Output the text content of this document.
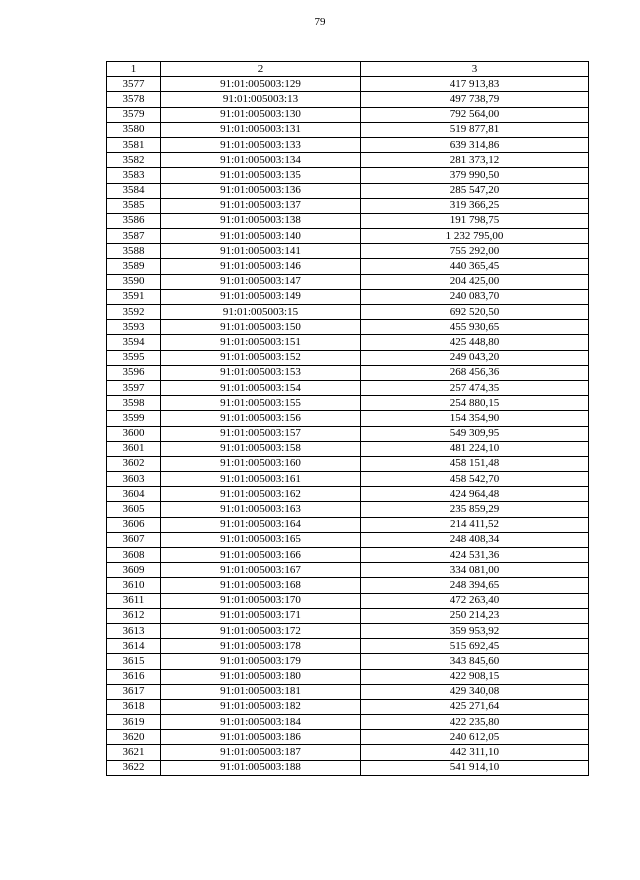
79
1	2	3
3577	91:01:005003:129	417 913,83
3578	91:01:005003:13	497 738,79
3579	91:01:005003:130	792 564,00
3580	91:01:005003:131	519 877,81
3581	91:01:005003:133	639 314,86
3582	91:01:005003:134	281 373,12
3583	91:01:005003:135	379 990,50
3584	91:01:005003:136	285 547,20
3585	91:01:005003:137	319 366,25
3586	91:01:005003:138	191 798,75
3587	91:01:005003:140	1 232 795,00
3588	91:01:005003:141	755 292,00
3589	91:01:005003:146	440 365,45
3590	91:01:005003:147	204 425,00
3591	91:01:005003:149	240 083,70
3592	91:01:005003:15	692 520,50
3593	91:01:005003:150	455 930,65
3594	91:01:005003:151	425 448,80
3595	91:01:005003:152	249 043,20
3596	91:01:005003:153	268 456,36
3597	91:01:005003:154	257 474,35
3598	91:01:005003:155	254 880,15
3599	91:01:005003:156	154 354,90
3600	91:01:005003:157	549 309,95
3601	91:01:005003:158	481 224,10
3602	91:01:005003:160	458 151,48
3603	91:01:005003:161	458 542,70
3604	91:01:005003:162	424 964,48
3605	91:01:005003:163	235 859,29
3606	91:01:005003:164	214 411,52
3607	91:01:005003:165	248 408,34
3608	91:01:005003:166	424 531,36
3609	91:01:005003:167	334 081,00
3610	91:01:005003:168	248 394,65
3611	91:01:005003:170	472 263,40
3612	91:01:005003:171	250 214,23
3613	91:01:005003:172	359 953,92
3614	91:01:005003:178	515 692,45
3615	91:01:005003:179	343 845,60
3616	91:01:005003:180	422 908,15
3617	91:01:005003:181	429 340,08
3618	91:01:005003:182	425 271,64
3619	91:01:005003:184	422 235,80
3620	91:01:005003:186	240 612,05
3621	91:01:005003:187	442 311,10
3622	91:01:005003:188	541 914,10
